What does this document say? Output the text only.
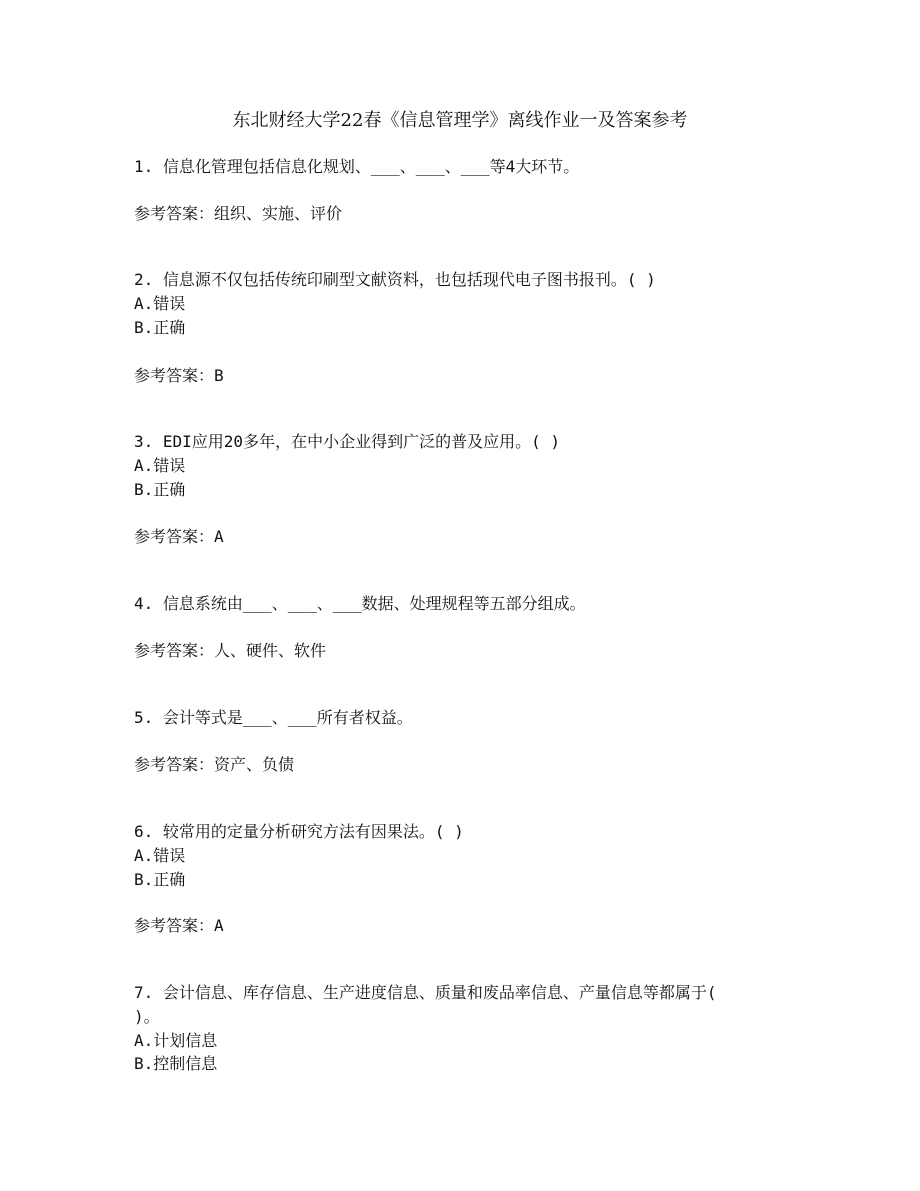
东北财经大学22春《信息管理学》离线作业一及答案参考
1. 信息化管理包括信息化规划、___、___、___等4大环节。
参考答案：组织、实施、评价
2. 信息源不仅包括传统印刷型文献资料，也包括现代电子图书报刊。( )
A.错误
B.正确
参考答案：B
3. EDI应用20多年，在中小企业得到广泛的普及应用。( )
A.错误
B.正确
参考答案：A
4. 信息系统由___、___、___数据、处理规程等五部分组成。
参考答案：人、硬件、软件
5. 会计等式是___、___所有者权益。
参考答案：资产、负债
6. 较常用的定量分析研究方法有因果法。( )
A.错误
B.正确
参考答案：A
7. 会计信息、库存信息、生产进度信息、质量和废品率信息、产量信息等都属于(
)。
A.计划信息
B.控制信息
